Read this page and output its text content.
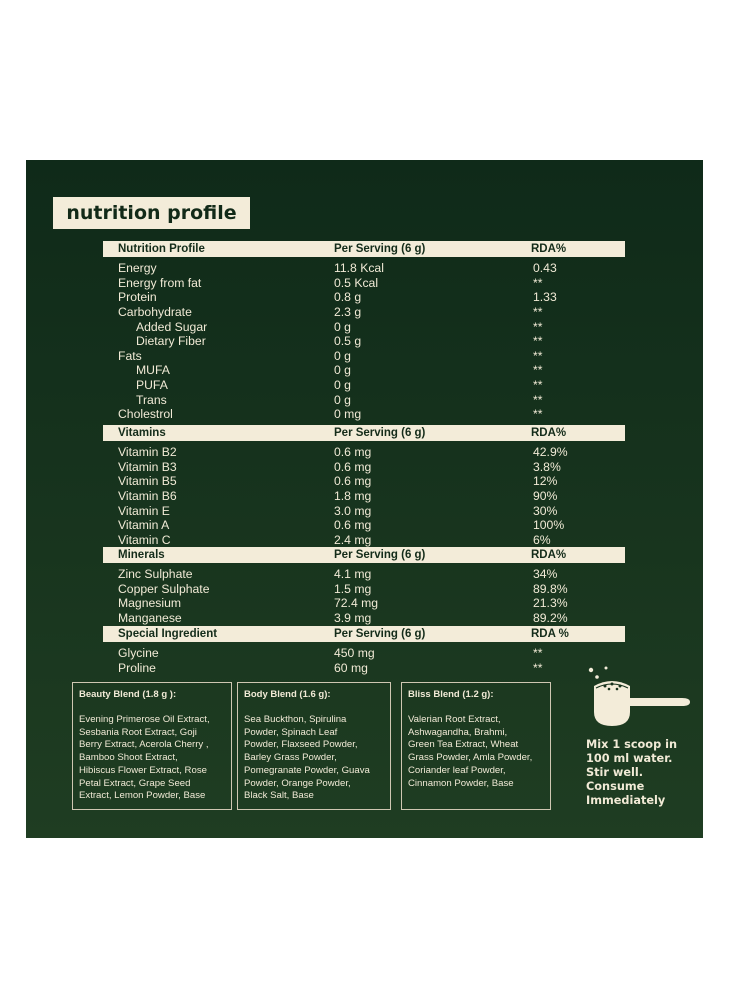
nutrition profile
Nutrition Profile	Per Serving (6 g)	RDA%
Energy	11.8 Kcal	0.43
Energy from fat	0.5 Kcal	**
Protein	0.8 g	1.33
Carbohydrate	2.3 g	**
Added Sugar	0 g	**
Dietary Fiber	0.5 g	**
Fats	0 g	**
MUFA	0 g	**
PUFA	0 g	**
Trans	0 g	**
Cholestrol	0 mg	**
Vitamins	Per Serving (6 g)	RDA%
Vitamin B2	0.6 mg	42.9%
Vitamin B3	0.6 mg	3.8%
Vitamin B5	0.6 mg	12%
Vitamin B6	1.8 mg	90%
Vitamin E	3.0 mg	30%
Vitamin A	0.6 mg	100%
Vitamin C	2.4 mg	6%
Minerals	Per Serving (6 g)	RDA%
Zinc Sulphate	4.1 mg	34%
Copper Sulphate	1.5 mg	89.8%
Magnesium	72.4 mg	21.3%
Manganese	3.9 mg	89.2%
Special Ingredient	Per Serving (6 g)	RDA %
Glycine	450 mg	**
Proline	60 mg	**
Beauty Blend (1.8 g ):
Evening Primerose Oil Extract,
Sesbania Root Extract, Goji
Berry Extract, Acerola Cherry ,
Bamboo Shoot Extract,
Hibiscus Flower Extract, Rose
Petal Extract, Grape Seed
Extract, Lemon Powder, Base
Body Blend (1.6 g):
Sea Buckthon, Spirulina
Powder, Spinach Leaf
Powder, Flaxseed Powder,
Barley Grass Powder,
Pomegranate Powder, Guava
Powder, Orange Powder,
Black Salt, Base
Bliss Blend (1.2 g):
Valerian Root Extract,
Ashwagandha, Brahmi,
Green Tea Extract, Wheat
Grass Powder, Amla Powder,
Coriander leaf Powder,
Cinnamon Powder, Base
Mix 1 scoop in
100 ml water.
Stir well.
Consume
Immediately
